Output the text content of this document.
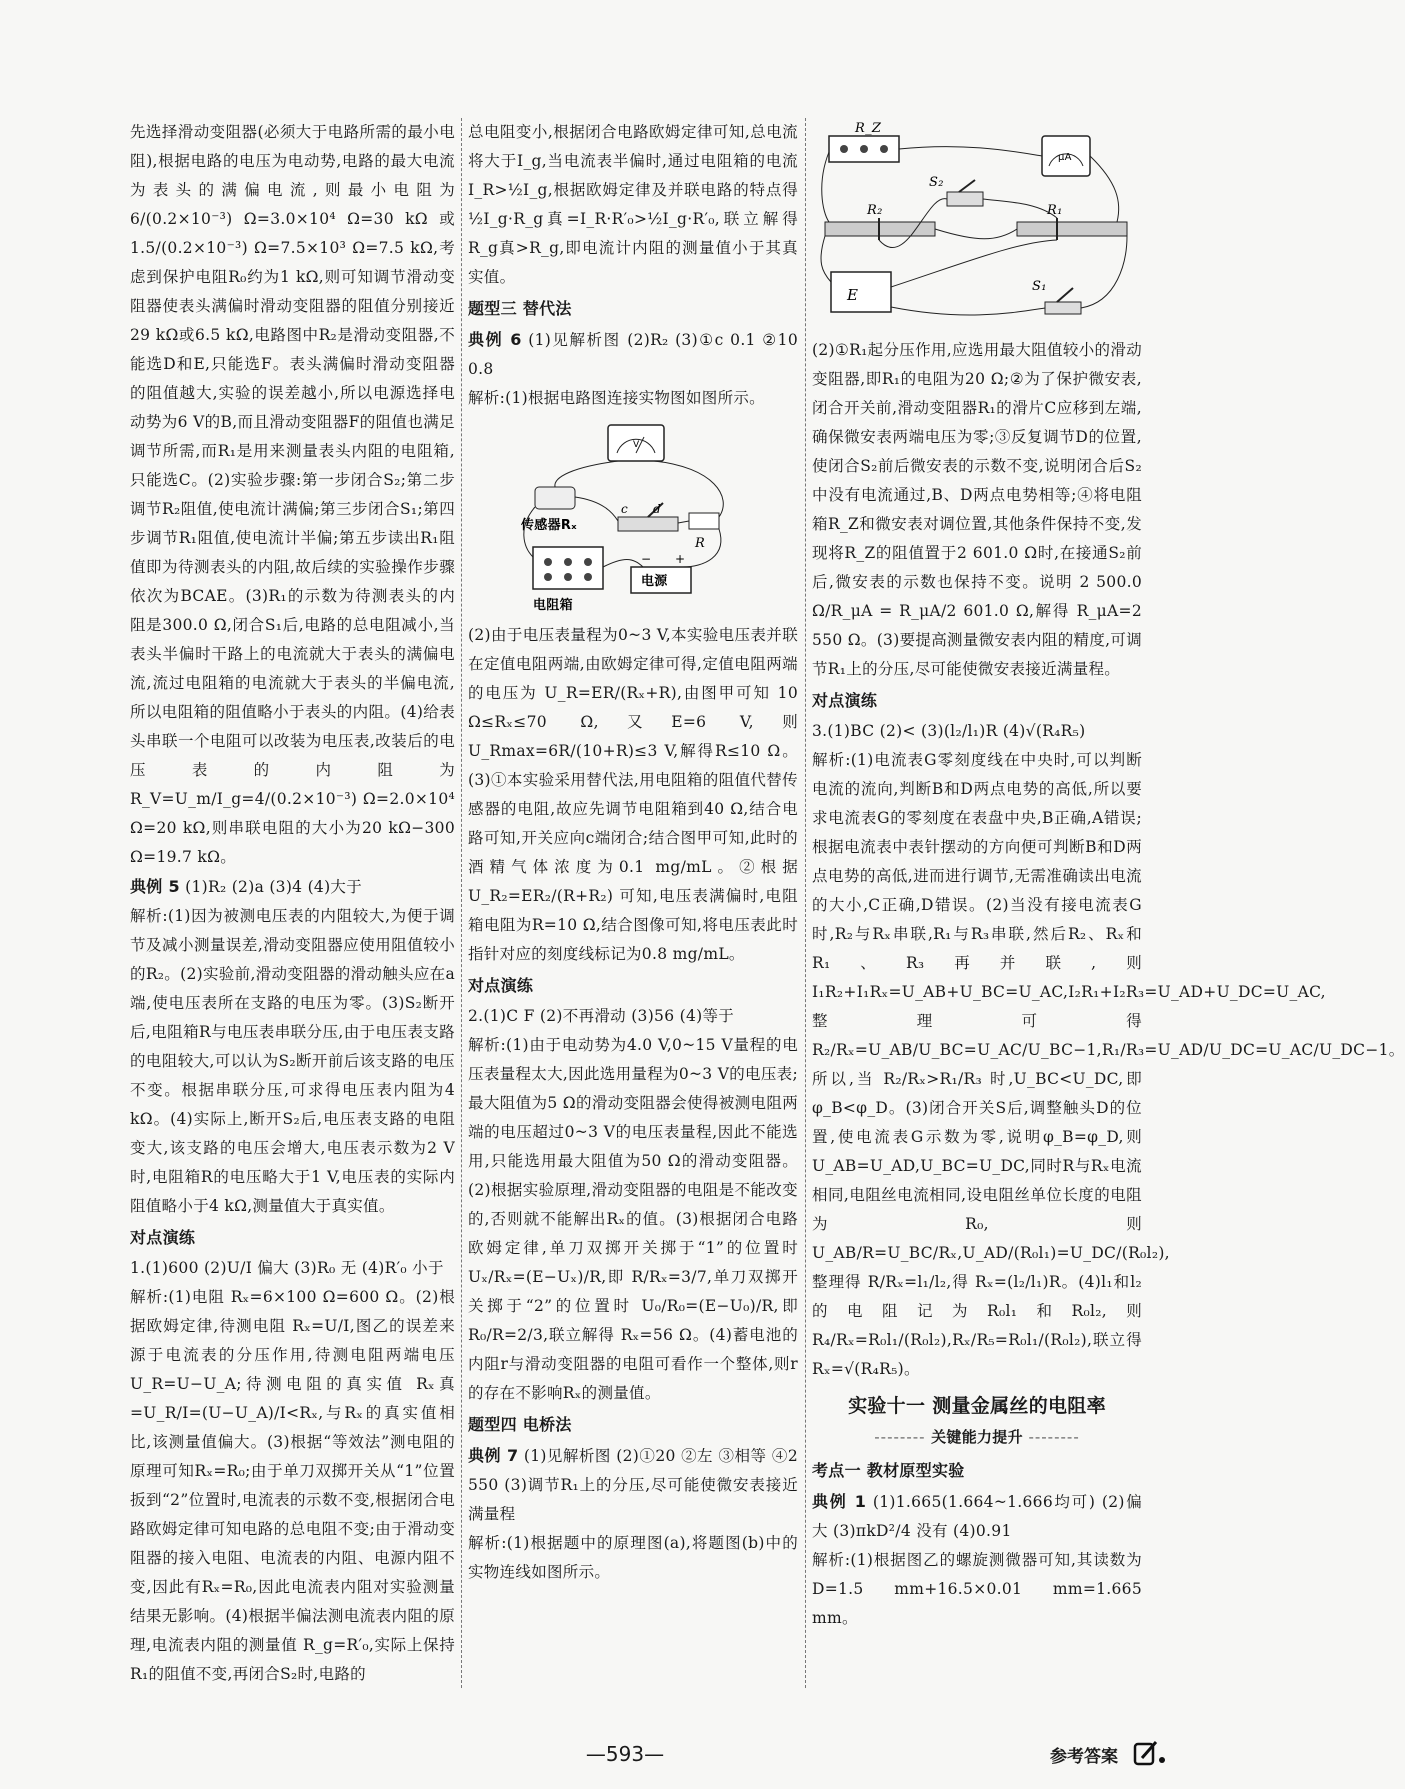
先选择滑动变阻器(必须大于电路所需的最小电阻),根据电路的电压为电动势,电路的最大电流为表头的满偏电流,则最小电阻为 6/(0.2×10⁻³) Ω=3.0×10⁴ Ω=30 kΩ 或 1.5/(0.2×10⁻³) Ω=7.5×10³ Ω=7.5 kΩ,考虑到保护电阻R₀约为1 kΩ,则可知调节滑动变阻器使表头满偏时滑动变阻器的阻值分别接近29 kΩ或6.5 kΩ,电路图中R₂是滑动变阻器,不能选D和E,只能选F。表头满偏时滑动变阻器的阻值越大,实验的误差越小,所以电源选择电动势为6 V的B,而且滑动变阻器F的阻值也满足调节所需,而R₁是用来测量表头内阻的电阻箱,只能选C。(2)实验步骤:第一步闭合S₂;第二步调节R₂阻值,使电流计满偏;第三步闭合S₁;第四步调节R₁阻值,使电流计半偏;第五步读出R₁阻值即为待测表头的内阻,故后续的实验操作步骤依次为BCAE。(3)R₁的示数为待测表头的内阻是300.0 Ω,闭合S₁后,电路的总电阻减小,当表头半偏时干路上的电流就大于表头的满偏电流,流过电阻箱的电流就大于表头的半偏电流,所以电阻箱的阻值略小于表头的内阻。(4)给表头串联一个电阻可以改装为电压表,改装后的电压表的内阻为 R_V=U_m/I_g=4/(0.2×10⁻³) Ω=2.0×10⁴ Ω=20 kΩ,则串联电阻的大小为20 kΩ−300 Ω=19.7 kΩ。

典例 5 (1)R₂ (2)a (3)4 (4)大于

解析:(1)因为被测电压表的内阻较大,为便于调节及减小测量误差,滑动变阻器应使用阻值较小的R₂。(2)实验前,滑动变阻器的滑动触头应在a端,使电压表所在支路的电压为零。(3)S₂断开后,电阻箱R与电压表串联分压,由于电压表支路的电阻较大,可以认为S₂断开前后该支路的电压不变。根据串联分压,可求得电压表内阻为4 kΩ。(4)实际上,断开S₂后,电压表支路的电阻变大,该支路的电压会增大,电压表示数为2 V时,电阻箱R的电压略大于1 V,电压表的实际内阻值略小于4 kΩ,测量值大于真实值。

对点演练

1.(1)600 (2)U/I 偏大 (3)R₀ 无 (4)R′₀ 小于

解析:(1)电阻 Rₓ=6×100 Ω=600 Ω。(2)根据欧姆定律,待测电阻 Rₓ=U/I,图乙的误差来源于电流表的分压作用,待测电阻两端电压 U_R=U−U_A;待测电阻的真实值 Rₓ真=U_R/I=(U−U_A)/I<Rₓ,与Rₓ的真实值相比,该测量值偏大。(3)根据“等效法”测电阻的原理可知Rₓ=R₀;由于单刀双掷开关从“1”位置扳到“2”位置时,电流表的示数不变,根据闭合电路欧姆定律可知电路的总电阻不变;由于滑动变阻器的接入电阻、电流表的内阻、电源内阻不变,因此有Rₓ=R₀,因此电流表内阻对实验测量结果无影响。(4)根据半偏法测电流表内阻的原理,电流表内阻的测量值 R_g=R′₀,实际上保持R₁的阻值不变,再闭合S₂时,电路的

总电阻变小,根据闭合电路欧姆定律可知,总电流将大于I_g,当电流表半偏时,通过电阻箱的电流 I_R>½I_g,根据欧姆定律及并联电路的特点得 ½I_g·R_g真=I_R·R′₀>½I_g·R′₀,联立解得 R_g真>R_g,即电流计内阻的测量值小于其真实值。

题型三 替代法

典例 6 (1)见解析图 (2)R₂ (3)①c 0.1 ②10 0.8

解析:(1)根据电路图连接实物图如图所示。

V
传感器Rₓ
c d
R
电阻箱
电源
− +

(2)由于电压表量程为0~3 V,本实验电压表并联在定值电阻两端,由欧姆定律可得,定值电阻两端的电压为 U_R=ER/(Rₓ+R),由图甲可知 10 Ω≤Rₓ≤70 Ω,又E=6 V,则 U_Rmax=6R/(10+R)≤3 V,解得R≤10 Ω。(3)①本实验采用替代法,用电阻箱的阻值代替传感器的电阻,故应先调节电阻箱到40 Ω,结合电路可知,开关应向c端闭合;结合图甲可知,此时的酒精气体浓度为0.1 mg/mL。②根据 U_R₂=ER₂/(R+R₂) 可知,电压表满偏时,电阻箱电阻为R=10 Ω,结合图像可知,将电压表此时指针对应的刻度线标记为0.8 mg/mL。

对点演练

2.(1)C F (2)不再滑动 (3)56 (4)等于

解析:(1)由于电动势为4.0 V,0~15 V量程的电压表量程太大,因此选用量程为0~3 V的电压表;最大阻值为5 Ω的滑动变阻器会使得被测电阻两端的电压超过0~3 V的电压表量程,因此不能选用,只能选用最大阻值为50 Ω的滑动变阻器。(2)根据实验原理,滑动变阻器的电阻是不能改变的,否则就不能解出Rₓ的值。(3)根据闭合电路欧姆定律,单刀双掷开关掷于“1”的位置时 Uₓ/Rₓ=(E−Uₓ)/R,即 R/Rₓ=3/7,单刀双掷开关掷于“2”的位置时 U₀/R₀=(E−U₀)/R,即 R₀/R=2/3,联立解得 Rₓ=56 Ω。(4)蓄电池的内阻r与滑动变阻器的电阻可看作一个整体,则r的存在不影响Rₓ的测量值。

题型四 电桥法

典例 7 (1)见解析图 (2)①20 ②左 ③相等 ④2 550 (3)调节R₁上的分压,尽可能使微安表接近满量程

解析:(1)根据题中的原理图(a),将题图(b)中的实物连线如图所示。

R_Z
μA
S₂
R₂	R₁
E	S₁

(2)①R₁起分压作用,应选用最大阻值较小的滑动变阻器,即R₁的电阻为20 Ω;②为了保护微安表,闭合开关前,滑动变阻器R₁的滑片C应移到左端,确保微安表两端电压为零;③反复调节D的位置,使闭合S₂前后微安表的示数不变,说明闭合后S₂中没有电流通过,B、D两点电势相等;④将电阻箱R_Z和微安表对调位置,其他条件保持不变,发现将R_Z的阻值置于2 601.0 Ω时,在接通S₂前后,微安表的示数也保持不变。说明 2 500.0 Ω/R_μA = R_μA/2 601.0 Ω,解得 R_μA=2 550 Ω。(3)要提高测量微安表内阻的精度,可调节R₁上的分压,尽可能使微安表接近满量程。

对点演练

3.(1)BC (2)< (3)(l₂/l₁)R (4)√(R₄R₅)

解析:(1)电流表G零刻度线在中央时,可以判断电流的流向,判断B和D两点电势的高低,所以要求电流表G的零刻度在表盘中央,B正确,A错误;根据电流表中表针摆动的方向便可判断B和D两点电势的高低,进而进行调节,无需准确读出电流的大小,C正确,D错误。(2)当没有接电流表G时,R₂与Rₓ串联,R₁与R₃串联,然后R₂、Rₓ和R₁、R₃再并联,则 I₁R₂+I₁Rₓ=U_AB+U_BC=U_AC,I₂R₁+I₂R₃=U_AD+U_DC=U_AC,整理可得 R₂/Rₓ=U_AB/U_BC=U_AC/U_BC−1,R₁/R₃=U_AD/U_DC=U_AC/U_DC−1。所以,当 R₂/Rₓ>R₁/R₃ 时,U_BC<U_DC,即φ_B<φ_D。(3)闭合开关S后,调整触头D的位置,使电流表G示数为零,说明φ_B=φ_D,则U_AB=U_AD,U_BC=U_DC,同时R与Rₓ电流相同,电阻丝电流相同,设电阻丝单位长度的电阻为R₀,则 U_AB/R=U_BC/Rₓ,U_AD/(R₀l₁)=U_DC/(R₀l₂),整理得 R/Rₓ=l₁/l₂,得 Rₓ=(l₂/l₁)R。(4)l₁和l₂的电阻记为R₀l₁和R₀l₂,则 R₄/Rₓ=R₀l₁/(R₀l₂),Rₓ/R₅=R₀l₁/(R₀l₂),联立得 Rₓ=√(R₄R₅)。

实验十一 测量金属丝的电阻率

-------- 关键能力提升 --------

考点一 教材原型实验

典例 1 (1)1.665(1.664~1.666均可) (2)偏大 (3)πkD²/4 没有 (4)0.91

解析:(1)根据图乙的螺旋测微器可知,其读数为 D=1.5 mm+16.5×0.01 mm=1.665 mm。

—593—	参考答案
